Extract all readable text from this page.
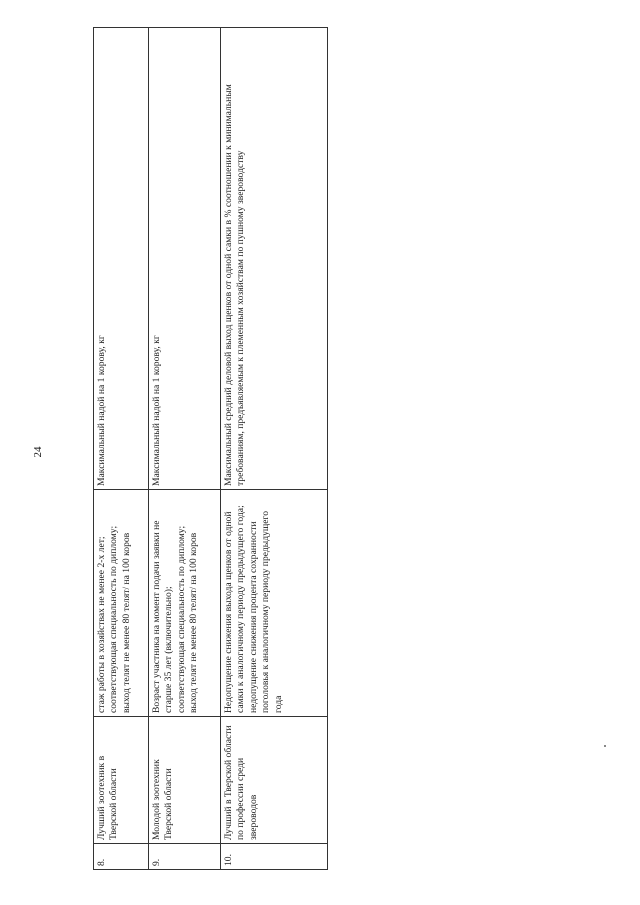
24
8.	Лучший зоотехник в Тверской области	стаж работы в хозяйствах не менее 2-х лет; соответствующая специальность по диплому; выход телят не менее 80 телят/ на 100 коров	Максимальный надой на 1 корову, кг

9.	Молодой зоотехник Тверской области	Возраст участника на момент подачи заявки не старше 35 лет (включительно); соответствующая специальность по диплому; выход телят не менее 80 телят/ на 100 коров	Максимальный надой на 1 корову, кг

10.	Лучший в Тверской области по профессии среди звероводов	Недопущение снижения выхода щенков от одной самки к аналогичному периоду предыдущего года; недопущение снижения процента сохранности поголовья к аналогичному периоду предыдущего года	Максимальный средний деловой выход щенков от одной самки в % соотношении к минимальным требованиям, предъявляемым к племенным хозяйствам по пушному звероводству
